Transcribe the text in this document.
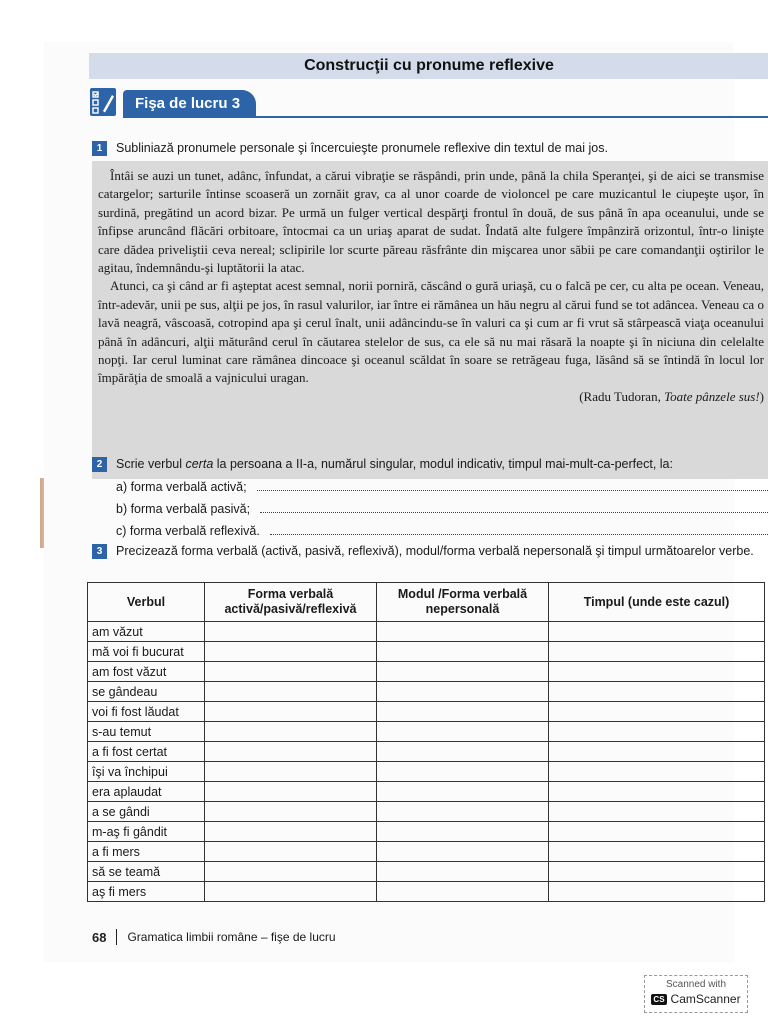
Construcţii cu pronume reflexive
Fişa de lucru 3
1	Subliniază pronumele personale şi încercuieşte pronumele reflexive din textul de mai jos.

Întâi se auzi un tunet, adânc, înfundat, a cărui vibraţie se răspândi, prin unde, până la chila Speranţei, şi de aici se transmise catargelor; sarturile întinse scoaseră un zornăit grav, ca al unor coarde de violoncel pe care muzicantul le ciupeşte uşor, în surdină, pregătind un acord bizar. Pe urmă un fulger vertical despărţi frontul în două, de sus până în apa oceanului, unde se înfipse aruncând flăcări orbitoare, întocmai ca un uriaş aparat de sudat. Îndată alte fulgere împânziră orizontul, într-o linişte care dădea priveliştii ceva nereal; sclipirile lor scurte păreau răsfrânte din mişcarea unor săbii pe care comandanţii oştirilor le agitau, îndemnându-şi luptătorii la atac.

Atunci, ca şi când ar fi aşteptat acest semnal, norii porniră, căscând o gură uriaşă, cu o falcă pe cer, cu alta pe ocean. Veneau, într-adevăr, unii pe sus, alţii pe jos, în rasul valurilor, iar între ei rămânea un hău negru al cărui fund se tot adâncea. Veneau ca o lavă neagră, vâscoasă, cotropind apa şi cerul înalt, unii adâncindu-se în valuri ca şi cum ar fi vrut să stârpească viaţa oceanului până în adâncuri, alţii măturând cerul în căutarea stelelor de sus, ca ele să nu mai răsară la noapte şi în niciuna din celelalte nopţi. Iar cerul luminat care rămânea dincoace şi oceanul scăldat în soare se retrăgeau fuga, lăsând să se întindă în locul lor împărăţia de smoală a vajnicului uragan.

(Radu Tudoran, Toate pânzele sus!)
2	Scrie verbul certa la persoana a II-a, numărul singular, modul indicativ, timpul mai-mult-ca-perfect, la:
a) forma verbală activă;
b) forma verbală pasivă;
c) forma verbală reflexivă.
3	Precizează forma verbală (activă, pasivă, reflexivă), modul/forma verbală nepersonală şi timpul următoarelor verbe.
Verbul	Forma verbală activă/pasivă/reflexivă	Modul /Forma verbală nepersonală	Timpul (unde este cazul)
am văzut			
mă voi fi bucurat			
am fost văzut			
se gândeau			
voi fi fost lăudat			
s-au temut			
a fi fost certat			
îşi va închipui			
era aplaudat			
a se gândi			
m-aş fi gândit			
a fi mers			
să se teamă			
aş fi mers			
68 Gramatica limbii române – fişe de lucru
Scanned with
CS CamScanner
